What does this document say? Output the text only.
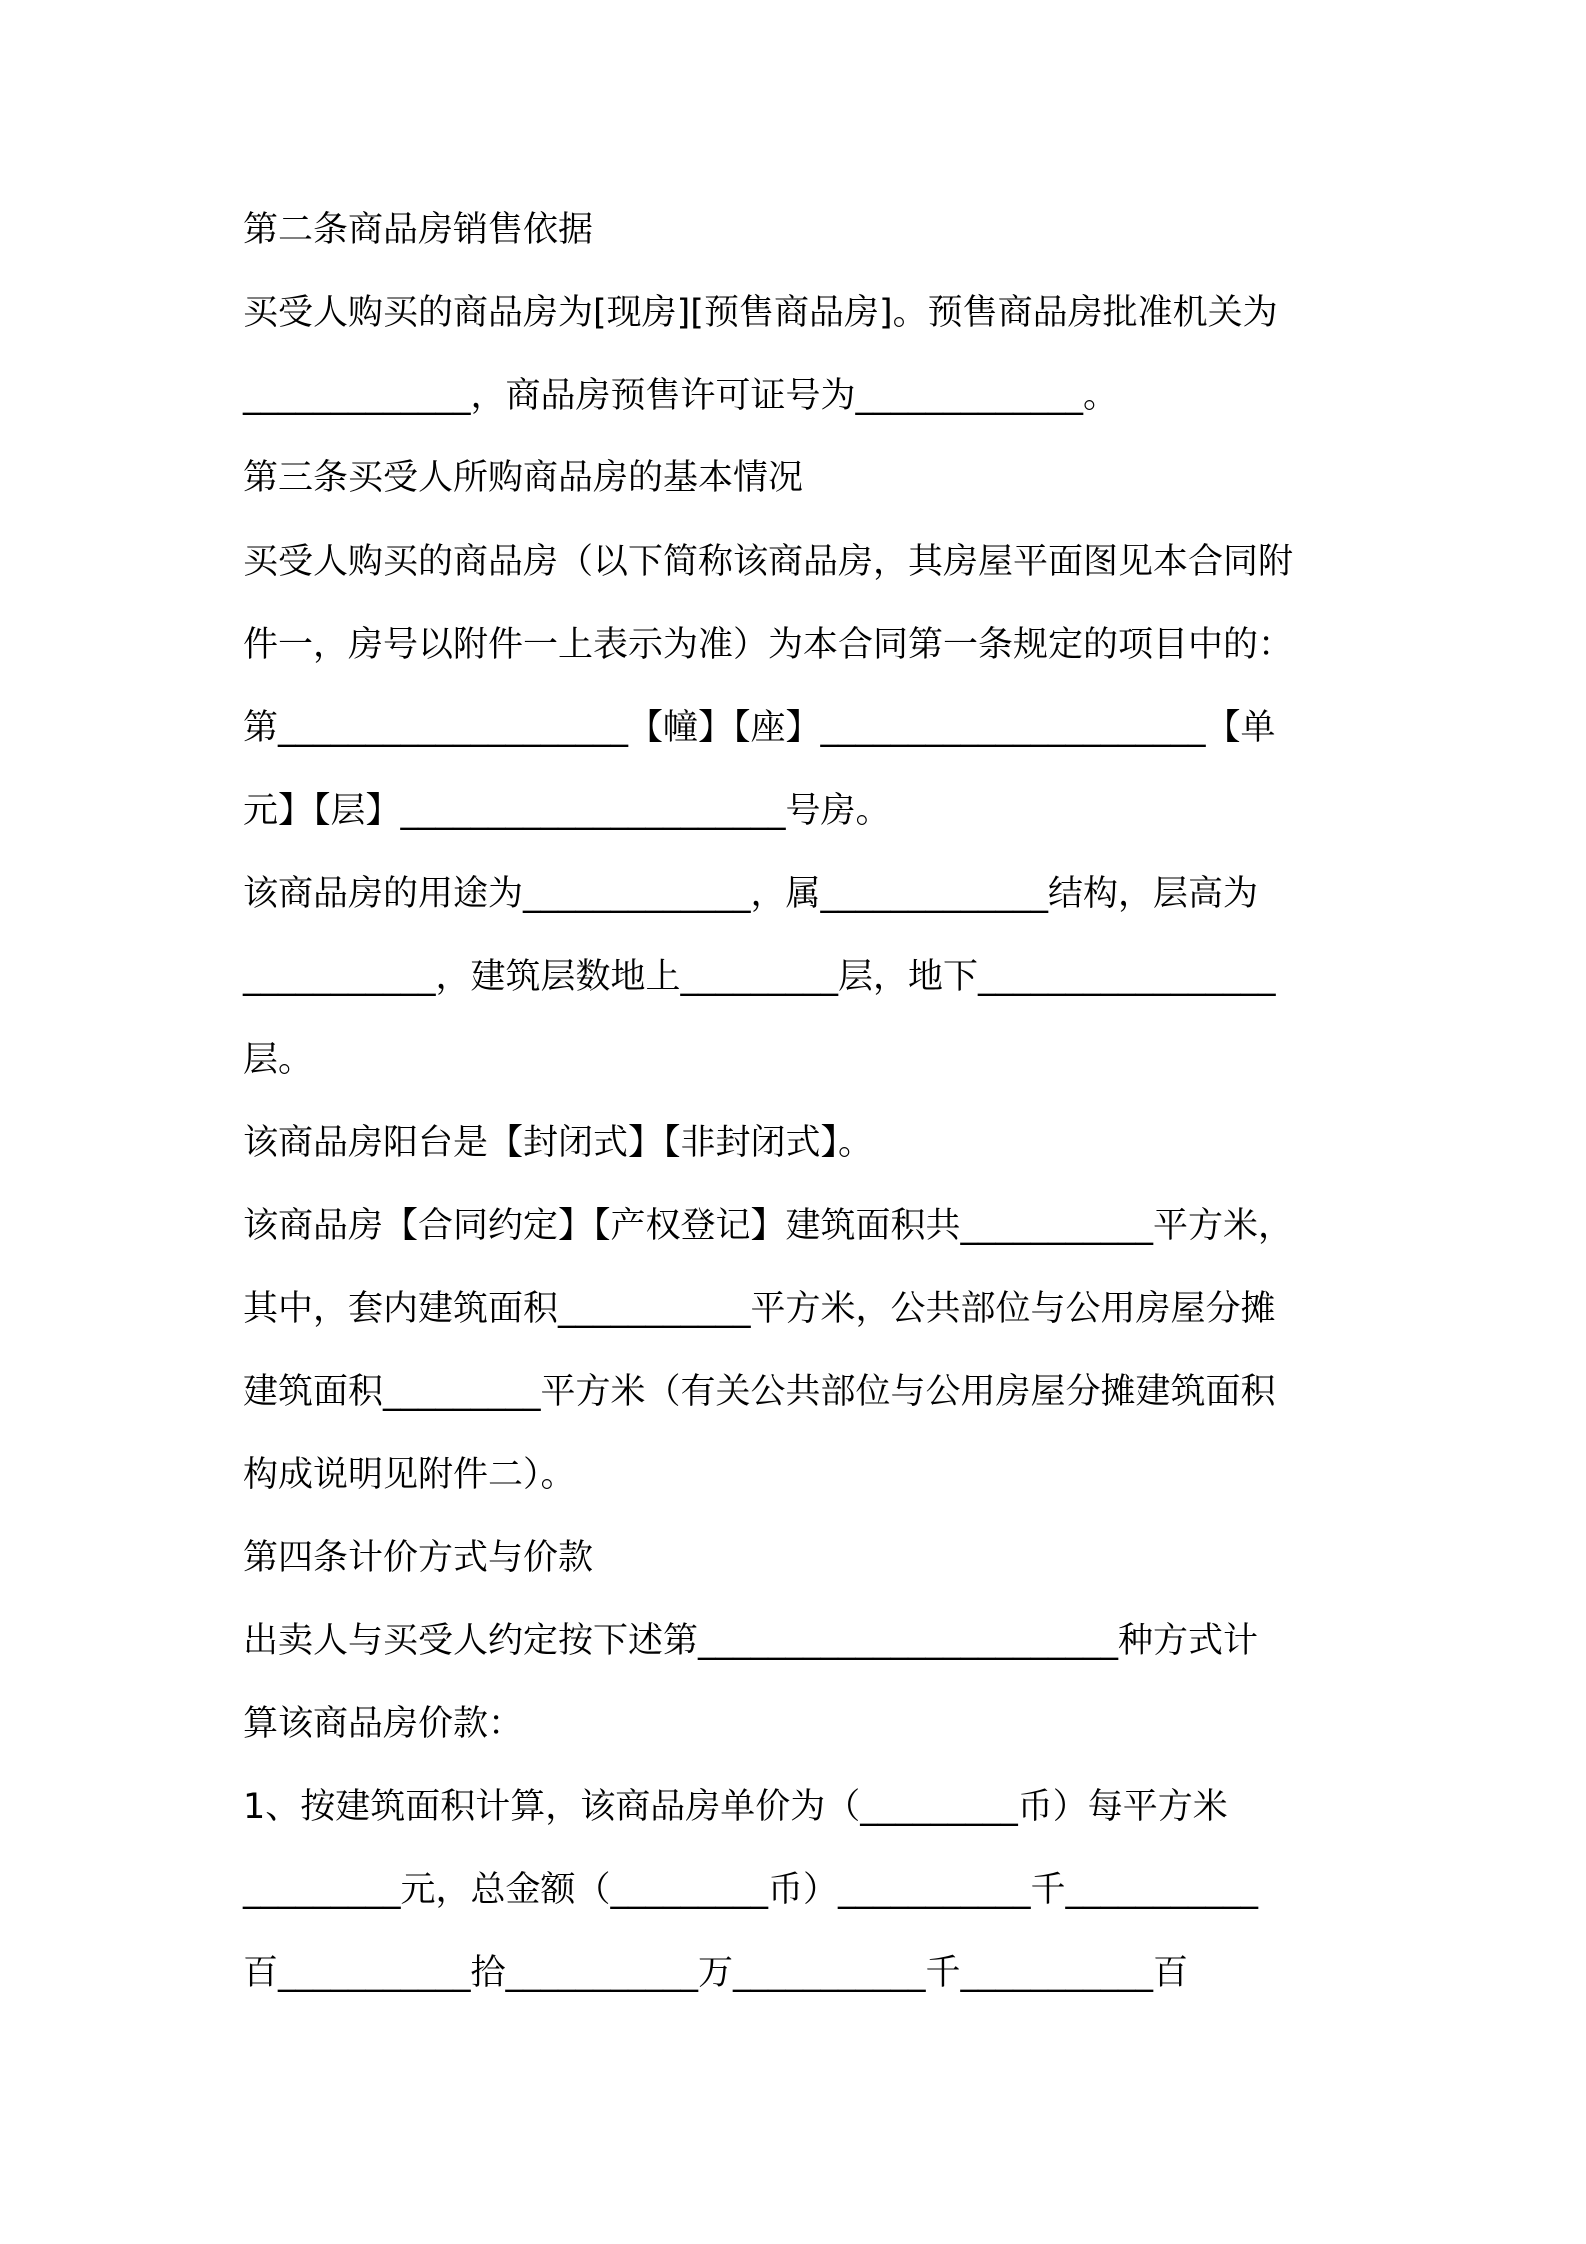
第二条商品房销售依据
买受人购买的商品房为[现房][预售商品房]。预售商品房批准机关为
_____________，商品房预售许可证号为_____________。
第三条买受人所购商品房的基本情况
买受人购买的商品房（以下简称该商品房，其房屋平面图见本合同附
件一，房号以附件一上表示为准）为本合同第一条规定的项目中的：
第____________________【幢】【座】______________________【单
元】【层】______________________号房。
该商品房的用途为_____________，属_____________结构，层高为
___________，建筑层数地上_________层，地下_________________
层。
该商品房阳台是【封闭式】【非封闭式】。
该商品房【合同约定】【产权登记】建筑面积共___________平方米，
其中，套内建筑面积___________平方米，公共部位与公用房屋分摊
建筑面积_________平方米（有关公共部位与公用房屋分摊建筑面积
构成说明见附件二）。
第四条计价方式与价款
出卖人与买受人约定按下述第________________________种方式计
算该商品房价款：
1、按建筑面积计算，该商品房单价为（_________币）每平方米
_________元，总金额（_________币）___________千___________
百___________拾___________万___________千___________百
